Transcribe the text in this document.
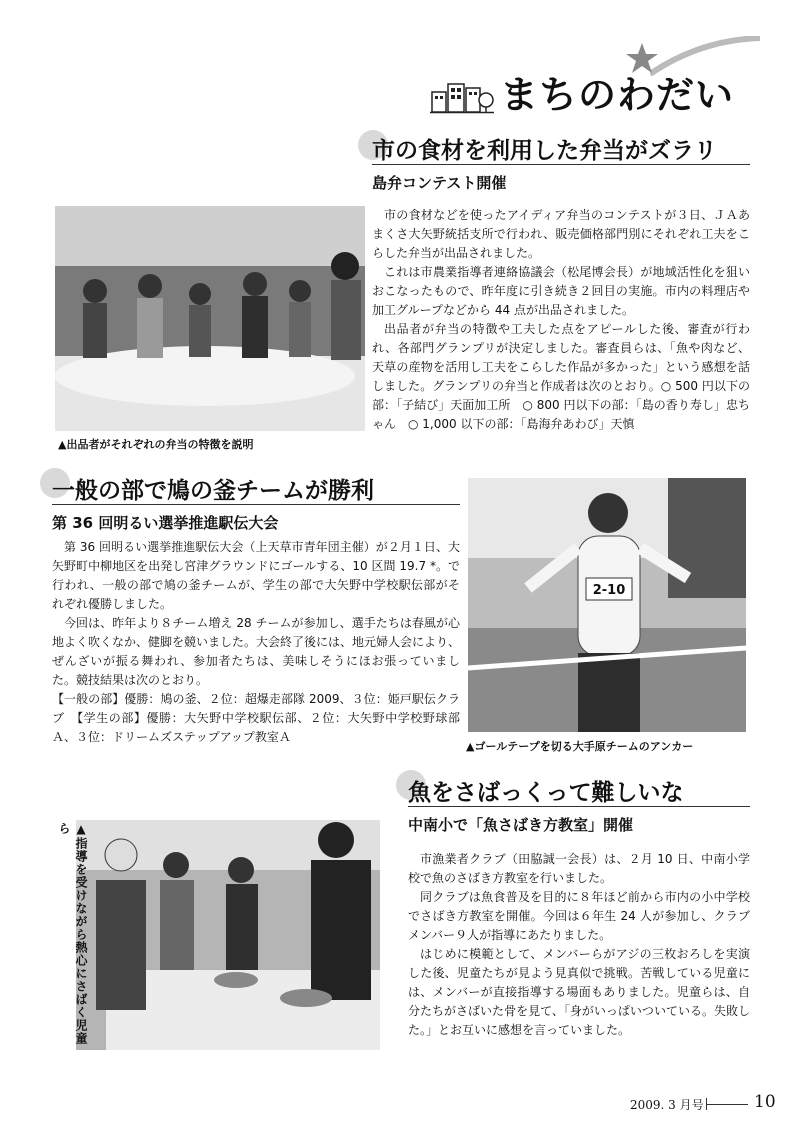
まちのわだい
市の食材を利用した弁当がズラリ
島弁コンテスト開催
▲出品者がそれぞれの弁当の特徴を説明

市の食材などを使ったアイディア弁当のコンテストが３日、ＪＡあまくさ大矢野統括支所で行われ、販売価格部門別にそれぞれ工夫をこらした弁当が出品されました。

これは市農業指導者連絡協議会（松尾博会長）が地域活性化を狙いおこなったもので、昨年度に引き続き２回目の実施。市内の料理店や加工グループなどから 44 点が出品されました。

出品者が弁当の特徴や工夫した点をアピールした後、審査が行われ、各部門グランプリが決定しました。審査員らは、「魚や肉など、天草の産物を活用し工夫をこらした作品が多かった」という感想を話しました。グランプリの弁当と作成者は次のとおり。○ 500 円以下の部：「子結び」天面加工所　○ 800 円以下の部：「島の香り寿し」忠ちゃん　○ 1,000 以下の部：「島海弁あわび」天慎

一般の部で鳩の釜チームが勝利
第 36 回明るい選挙推進駅伝大会

第 36 回明るい選挙推進駅伝大会（上天草市青年団主催）が２月１日、大矢野町中柳地区を出発し宮津グラウンドにゴールする、10 区間 19.7 *。で行われ、一般の部で鳩の釜チームが、学生の部で大矢野中学校駅伝部がそれぞれ優勝しました。

今回は、昨年より８チーム増え 28 チームが参加し、選手たちは春風が心地よく吹くなか、健脚を競いました。大会終了後には、地元婦人会により、ぜんざいが振る舞われ、参加者たちは、美味しそうにほお張っていました。競技結果は次のとおり。

【一般の部】優勝：鳩の釜、２位：超爆走部隊 2009、３位：姫戸駅伝クラブ　【学生の部】優勝：大矢野中学校駅伝部、２位：大矢野中学校野球部Ａ、３位：ドリームズステップアップ教室Ａ

2-10
▲ゴールテープを切る大手原チームのアンカー
魚をさばっくって難しいな
中南小で「魚さばき方教室」開催
▲指導を受けながら熱心にさばく児童ら

市漁業者クラブ（田脇誠一会長）は、２月 10 日、中南小学校で魚のさばき方教室を行いました。

同クラブは魚食普及を目的に８年ほど前から市内の小中学校でさばき方教室を開催。今回は６年生 24 人が参加し、クラブメンバー９人が指導にあたりました。

はじめに模範として、メンバーらがアジの三枚おろしを実演した後、児童たちが見よう見真似で挑戦。苦戦している児童には、メンバーが直接指導する場面もありました。児童らは、自分たちがさばいた骨を見て、「身がいっぱいついている。失敗した。」とお互いに感想を言っていました。

2009. 3 月号	10
